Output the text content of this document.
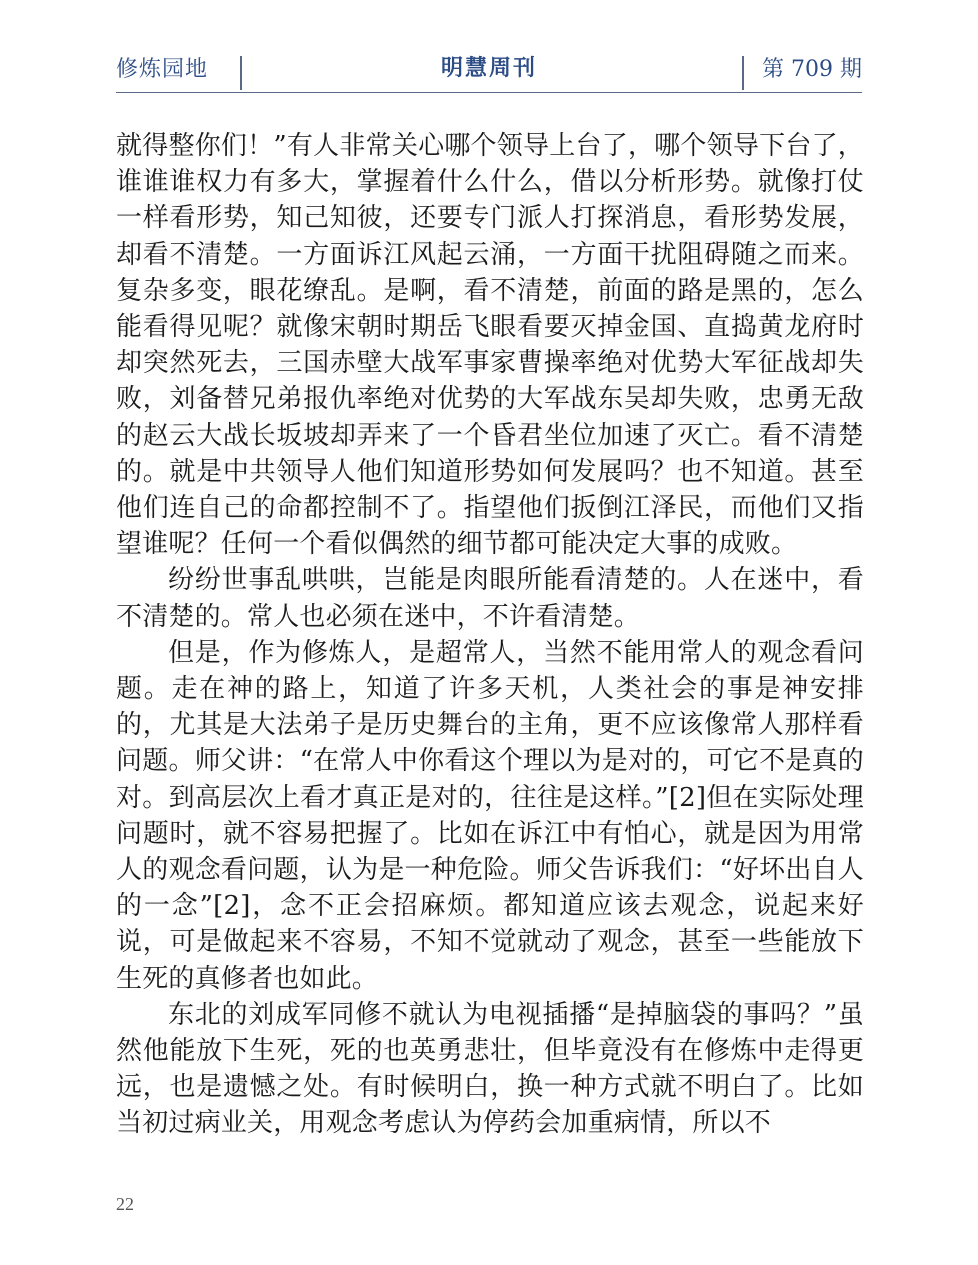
修炼园地	明慧周刊	第 709 期

就得整你们！”有人非常关心哪个领导上台了，哪个领导下台了，谁谁谁权力有多大，掌握着什么什么，借以分析形势。就像打仗一样看形势，知己知彼，还要专门派人打探消息，看形势发展，却看不清楚。一方面诉江风起云涌，一方面干扰阻碍随之而来。复杂多变，眼花缭乱。是啊，看不清楚，前面的路是黑的，怎么能看得见呢？就像宋朝时期岳飞眼看要灭掉金国、直捣黄龙府时却突然死去，三国赤壁大战军事家曹操率绝对优势大军征战却失败，刘备替兄弟报仇率绝对优势的大军战东吴却失败，忠勇无敌的赵云大战长坂坡却弄来了一个昏君坐位加速了灭亡。看不清楚的。就是中共领导人他们知道形势如何发展吗？也不知道。甚至他们连自己的命都控制不了。指望他们扳倒江泽民，而他们又指望谁呢？任何一个看似偶然的细节都可能决定大事的成败。

纷纷世事乱哄哄，岂能是肉眼所能看清楚的。人在迷中，看不清楚的。常人也必须在迷中，不许看清楚。

但是，作为修炼人，是超常人，当然不能用常人的观念看问题。走在神的路上，知道了许多天机，人类社会的事是神安排的，尤其是大法弟子是历史舞台的主角，更不应该像常人那样看问题。师父讲：“在常人中你看这个理以为是对的，可它不是真的对。到高层次上看才真正是对的，往往是这样。”[2]但在实际处理问题时，就不容易把握了。比如在诉江中有怕心，就是因为用常人的观念看问题，认为是一种危险。师父告诉我们：“好坏出自人的一念”[2]，念不正会招麻烦。都知道应该去观念，说起来好说，可是做起来不容易，不知不觉就动了观念，甚至一些能放下生死的真修者也如此。

东北的刘成军同修不就认为电视插播“是掉脑袋的事吗？”虽然他能放下生死，死的也英勇悲壮，但毕竟没有在修炼中走得更远，也是遗憾之处。有时候明白，换一种方式就不明白了。比如当初过病业关，用观念考虑认为停药会加重病情，所以不

22
